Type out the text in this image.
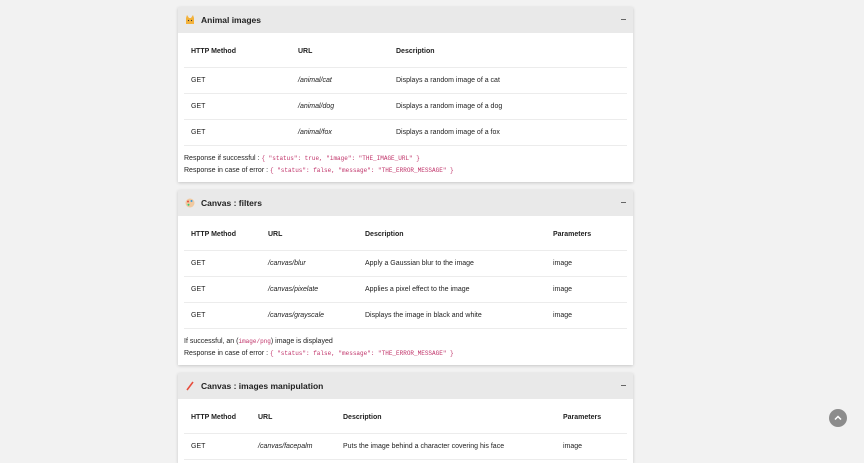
Animal images
HTTP Method	URL	Description
GET	/animal/cat	Displays a random image of a cat
GET	/animal/dog	Displays a random image of a dog
GET	/animal/fox	Displays a random image of a fox
Response if successful : { "status": true, "image": "THE_IMAGE_URL" }
Response in case of error : { "status": false, "message": "THE_ERROR_MESSAGE" }
Canvas : filters
HTTP Method	URL	Description	Parameters
GET	/canvas/blur	Apply a Gaussian blur to the image	image
GET	/canvas/pixelate	Applies a pixel effect to the image	image
GET	/canvas/grayscale	Displays the image in black and white	image
If successful, an (image/png) image is displayed
Response in case of error : { "status": false, "message": "THE_ERROR_MESSAGE" }
Canvas : images manipulation
HTTP Method	URL	Description	Parameters
GET	/canvas/facepalm	Puts the image behind a character covering his face	image
